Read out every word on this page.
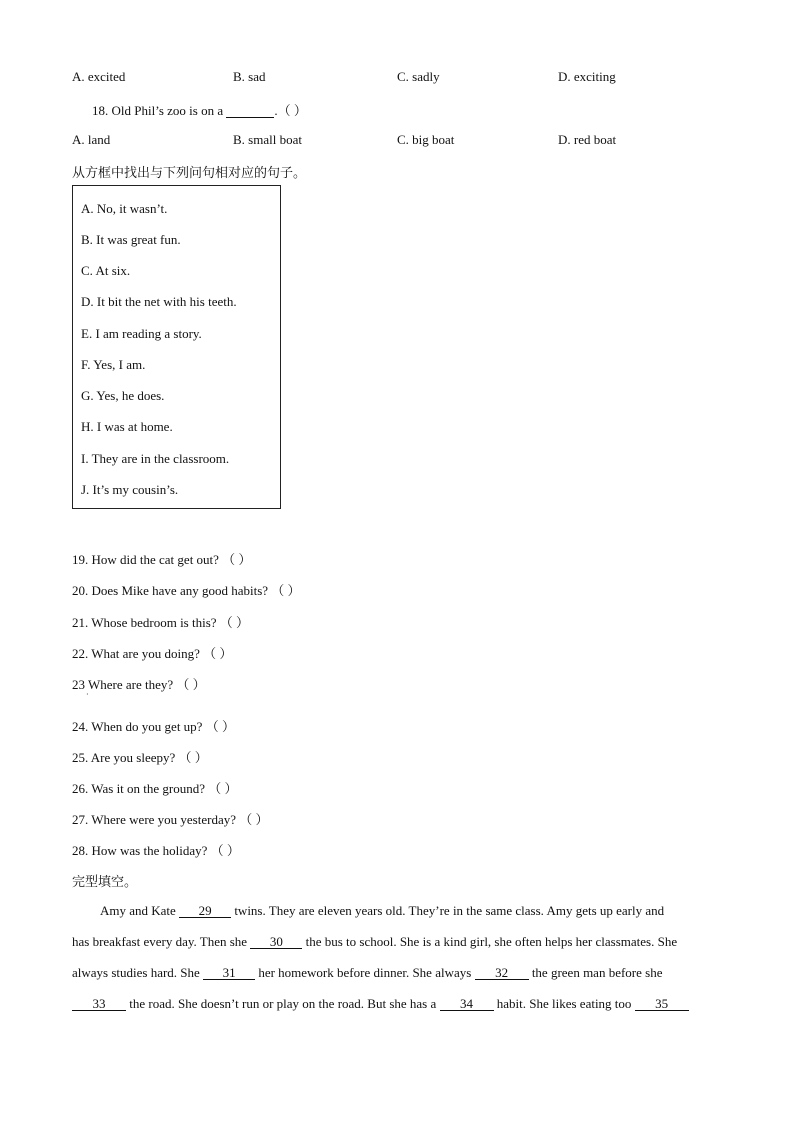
A. excited	B. sad	C. sadly	D. exciting
18. Old Phil’s zoo is on a	.（ ）
A. land	B. small boat	C. big boat	D. red boat
从方框中找出与下列问句相对应的句子。
A. No, it wasn’t.
B. It was great fun.
C. At six.
D. It bit the net with his teeth.
E. I am reading a story.
F. Yes, I am.
G. Yes, he does.
H. I was at home.
I. They are in the classroom.
J. It’s my cousin’s.
19. How did the cat get out? （ ）
20. Does Mike have any good habits? （ ）
21. Whose bedroom is this? （ ）
22. What are you doing? （ ）
23 Where are they? （ ）
·
24. When do you get up? （ ）
25. Are you sleepy? （ ）
26. Was it on the ground? （ ）
27. Where were you yesterday? （ ）
28. How was the holiday? （ ）
完型填空。
Amy and Kate 29 twins. They are eleven years old. They’re in the same class. Amy gets up early and
has breakfast every day. Then she 30 the bus to school. She is a kind girl, she often helps her classmates. She
always studies hard. She 31 her homework before dinner. She always 32 the green man before she
33 the road. She doesn’t run or play on the road. But she has a 34 habit. She likes eating too 35
